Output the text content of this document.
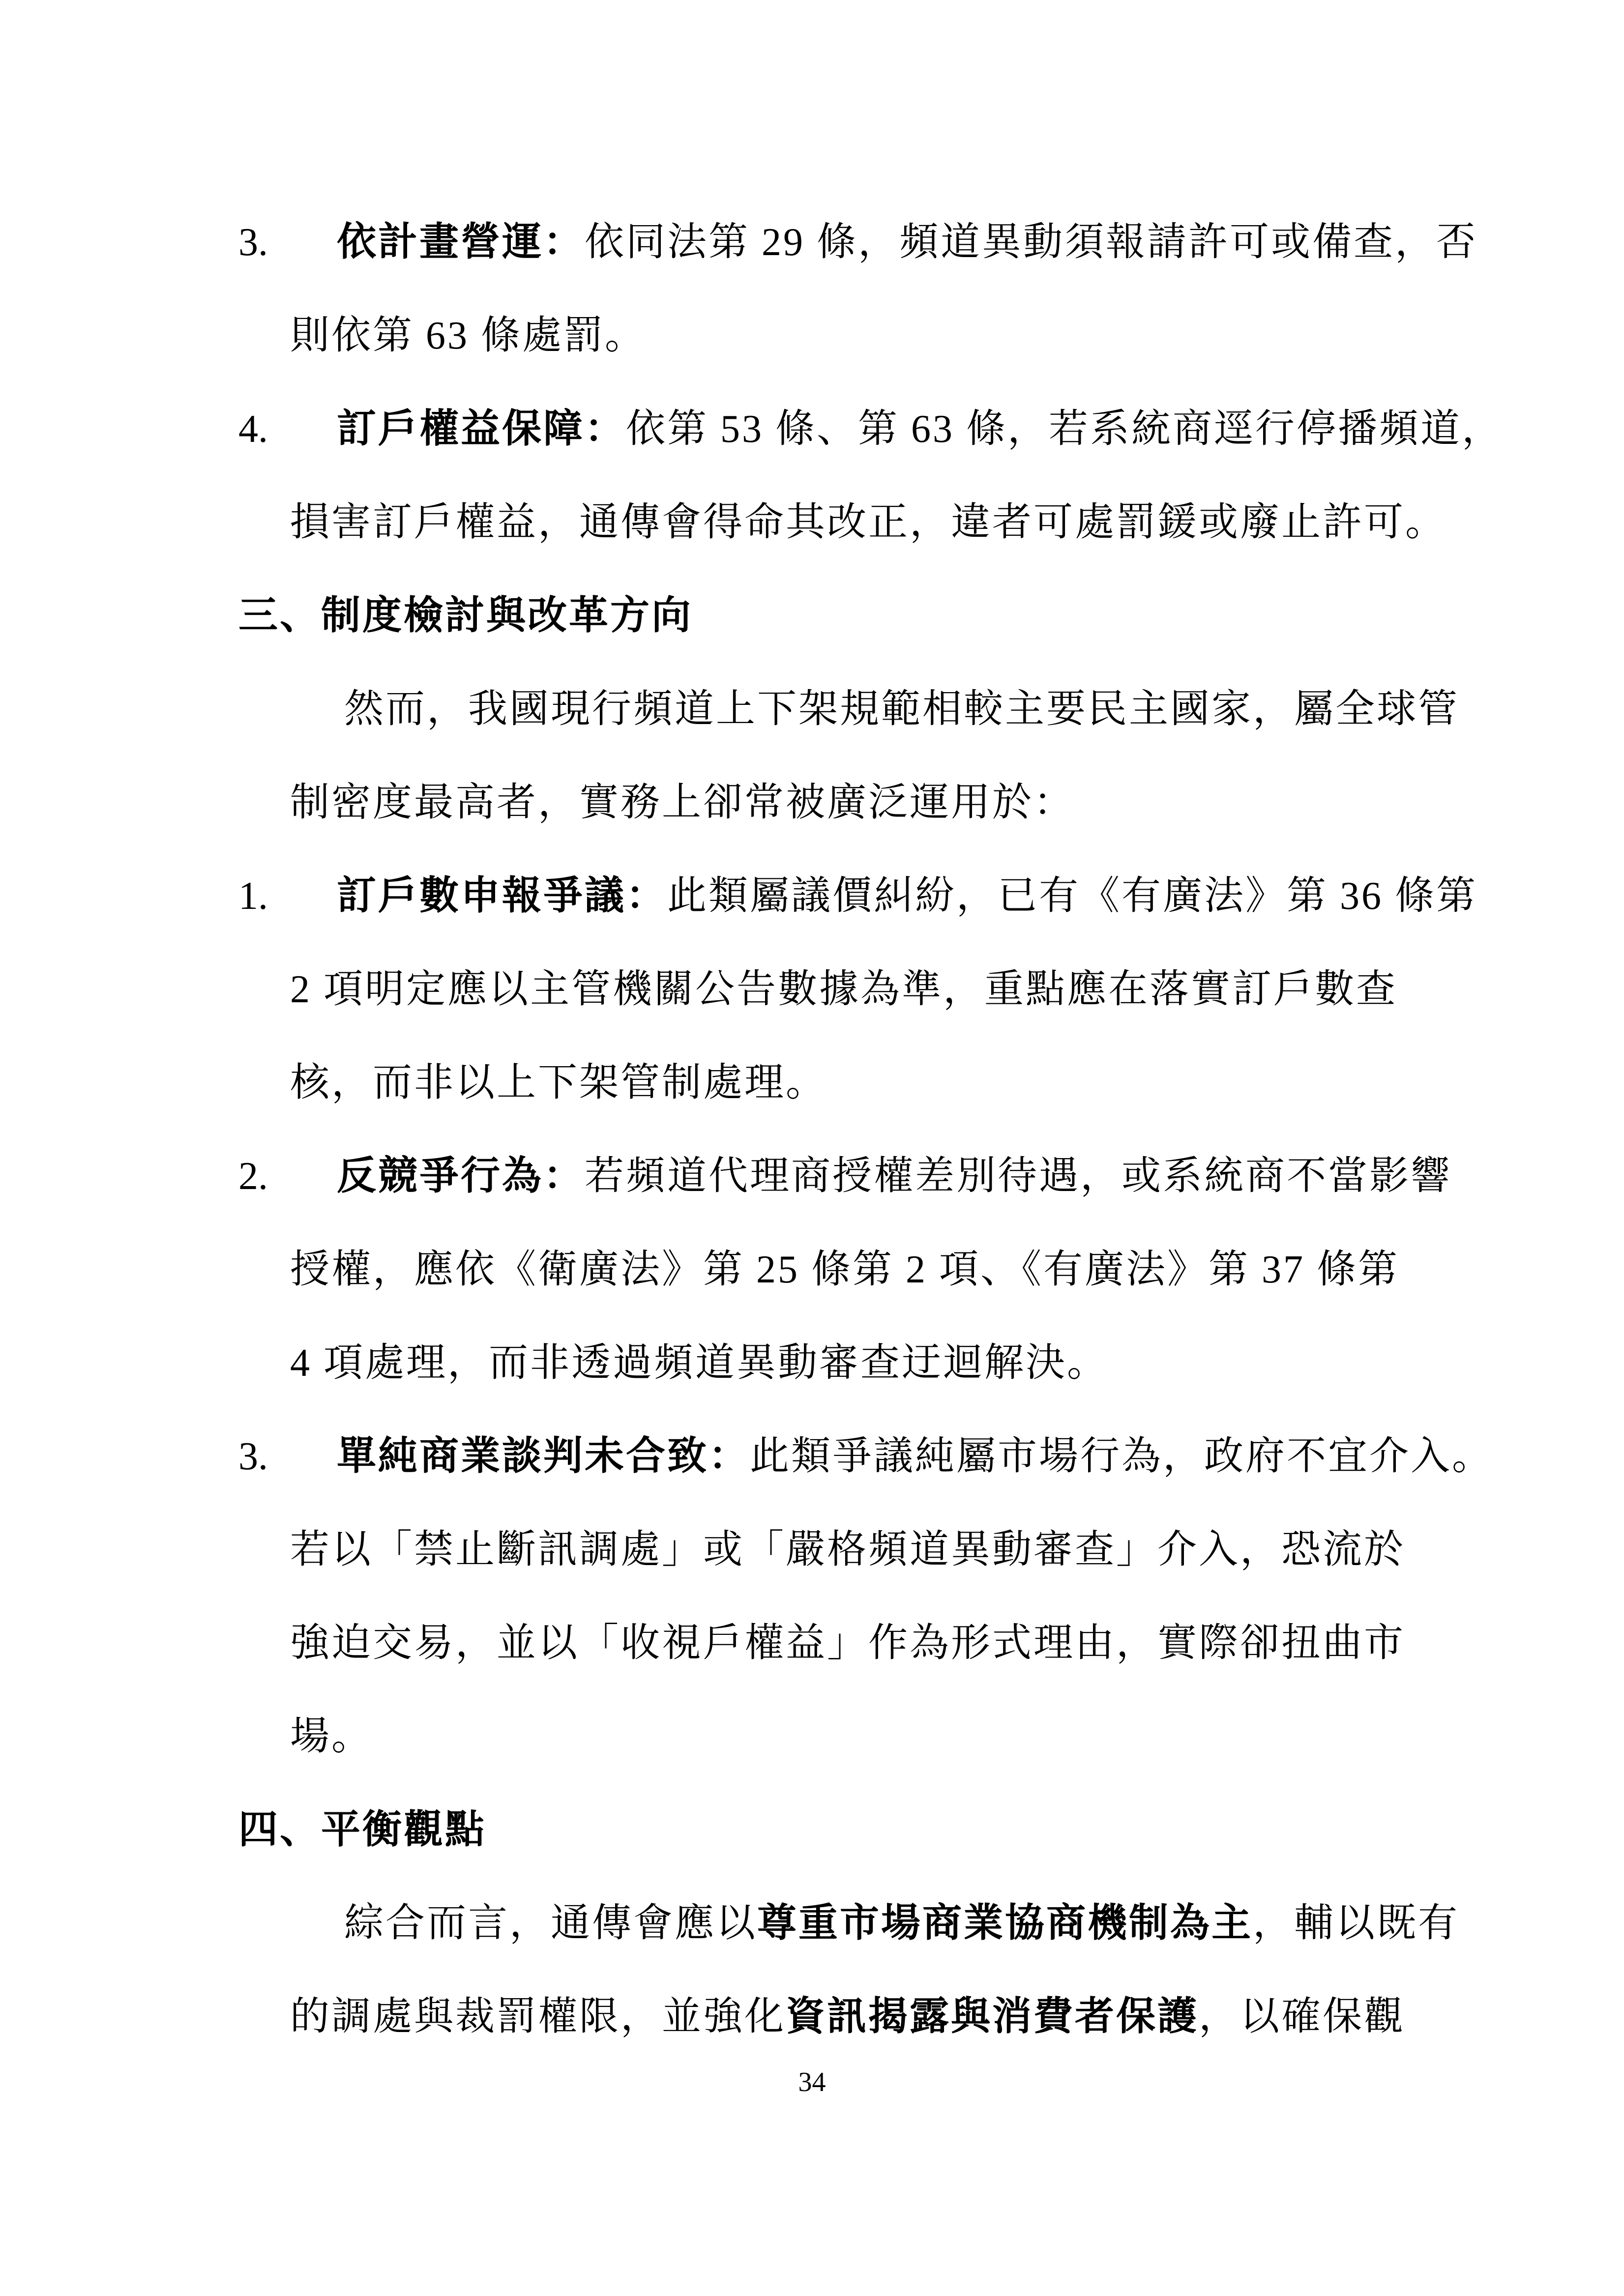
3. 依計畫營運：依同法第 29 條，頻道異動須報請許可或備查，否
則依第 63 條處罰。
4. 訂戶權益保障：依第 53 條、第 63 條，若系統商逕行停播頻道，
損害訂戶權益，通傳會得命其改正，違者可處罰鍰或廢止許可。
三、制度檢討與改革方向
然而，我國現行頻道上下架規範相較主要民主國家，屬全球管
制密度最高者，實務上卻常被廣泛運用於：
1. 訂戶數申報爭議：此類屬議價糾紛，已有《有廣法》第 36 條第
2 項明定應以主管機關公告數據為準，重點應在落實訂戶數查
核，而非以上下架管制處理。
2. 反競爭行為：若頻道代理商授權差別待遇，或系統商不當影響
授權，應依《衛廣法》第 25 條第 2 項、《有廣法》第 37 條第
4 項處理，而非透過頻道異動審查迂迴解決。
3. 單純商業談判未合致：此類爭議純屬市場行為，政府不宜介入。
若以「禁止斷訊調處」或「嚴格頻道異動審查」介入，恐流於
強迫交易，並以「收視戶權益」作為形式理由，實際卻扭曲市
場。
四、平衡觀點
綜合而言，通傳會應以尊重市場商業協商機制為主，輔以既有
的調處與裁罰權限，並強化資訊揭露與消費者保護，以確保觀
34
